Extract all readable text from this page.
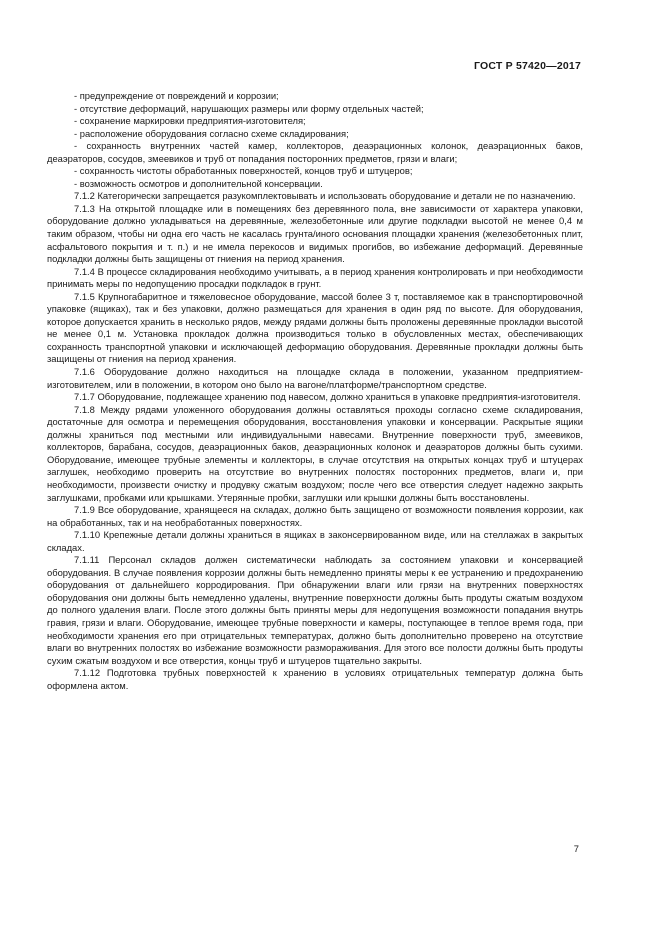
ГОСТ Р 57420—2017

- предупреждение от повреждений и коррозии;

- отсутствие деформаций, нарушающих размеры или форму отдельных частей;

- сохранение маркировки предприятия-изготовителя;

- расположение оборудования согласно схеме складирования;

- сохранность внутренних частей камер, коллекторов, деаэрационных колонок, деаэрационных баков, деаэраторов, сосудов, змеевиков и труб от попадания посторонних предметов, грязи и влаги;

- сохранность чистоты обработанных поверхностей, концов труб и штуцеров;

- возможность осмотров и дополнительной консервации.

7.1.2 Категорически запрещается разукомплектовывать и использовать оборудование и детали не по назначению.

7.1.3 На открытой площадке или в помещениях без деревянного пола, вне зависимости от характера упаковки, оборудование должно укладываться на деревянные, железобетонные или другие подкладки высотой не менее 0,4 м таким образом, чтобы ни одна его часть не касалась грунта/иного основания площадки хранения (железобетонных плит, асфальтового покрытия и т. п.) и не имела перекосов и видимых прогибов, во избежание деформаций. Деревянные подкладки должны быть защищены от гниения на период хранения.

7.1.4 В процессе складирования необходимо учитывать, а в период хранения контролировать и при необходимости принимать меры по недопущению просадки подкладок в грунт.

7.1.5 Крупногабаритное и тяжеловесное оборудование, массой более 3 т, поставляемое как в транспортировочной упаковке (ящиках), так и без упаковки, должно размещаться для хранения в один ряд по высоте. Для оборудования, которое допускается хранить в несколько рядов, между рядами должны быть проложены деревянные прокладки высотой не менее 0,1 м. Установка прокладок должна производиться только в обусловленных местах, обеспечивающих сохранность транспортной упаковки и исключающей деформацию оборудования. Деревянные прокладки должны быть защищены от гниения на период хранения.

7.1.6 Оборудование должно находиться на площадке склада в положении, указанном предприятием-изготовителем, или в положении, в котором оно было на вагоне/платформе/транспортном средстве.

7.1.7 Оборудование, подлежащее хранению под навесом, должно храниться в упаковке предприятия-изготовителя.

7.1.8 Между рядами уложенного оборудования должны оставляться проходы согласно схеме складирования, достаточные для осмотра и перемещения оборудования, восстановления упаковки и консервации. Раскрытые ящики должны храниться под местными или индивидуальными навесами. Внутренние поверхности труб, змеевиков, коллекторов, барабана, сосудов, деаэрационных баков, деаэрационных колонок и деаэраторов должны быть сухими. Оборудование, имеющее трубные элементы и коллекторы, в случае отсутствия на открытых концах труб и штуцерах заглушек, необходимо проверить на отсутствие во внутренних полостях посторонних предметов, влаги и, при необходимости, произвести очистку и продувку сжатым воздухом; после чего все отверстия следует надежно закрыть заглушками, пробками или крышками. Утерянные пробки, заглушки или крышки должны быть восстановлены.

7.1.9 Все оборудование, хранящееся на складах, должно быть защищено от возможности появления коррозии, как на обработанных, так и на необработанных поверхностях.

7.1.10 Крепежные детали должны храниться в ящиках в законсервированном виде, или на стеллажах в закрытых складах.

7.1.11 Персонал складов должен систематически наблюдать за состоянием упаковки и консервацией оборудования. В случае появления коррозии должны быть немедленно приняты меры к ее устранению и предохранению оборудования от дальнейшего корродирования. При обнаружении влаги или грязи на внутренних поверхностях оборудования они должны быть немедленно удалены, внутренние поверхности должны быть продуты сжатым воздухом до полного удаления влаги. После этого должны быть приняты меры для недопущения возможности попадания внутрь гравия, грязи и влаги. Оборудование, имеющее трубные поверхности и камеры, поступающее в теплое время года, при необходимости хранения его при отрицательных температурах, должно быть дополнительно проверено на отсутствие влаги во внутренних полостях во избежание возможности размораживания. Для этого все полости должны быть продуты сухим сжатым воздухом и все отверстия, концы труб и штуцеров тщательно закрыты.

7.1.12 Подготовка трубных поверхностей к хранению в условиях отрицательных температур должна быть оформлена актом.

7
